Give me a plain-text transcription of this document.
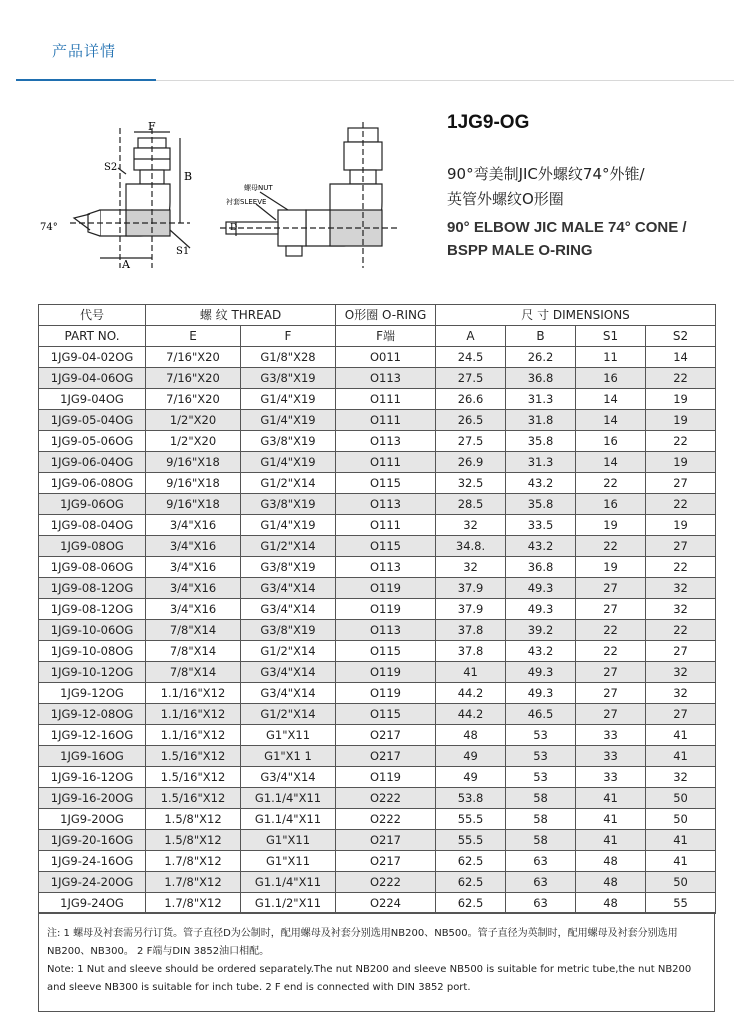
产品详情
F
B
S2
S1
A
74°
螺母NUT
衬套SLEEVE
D
1JG9-OG
90°弯美制JIC外螺纹74°外锥/
英管外螺纹O形圈
90° ELBOW JIC MALE 74° CONE /
BSPP MALE O-RING
代号	螺 纹 THREAD		O形圈 O-RING	尺 寸 DIMENSIONS			
PART NO.	E	F	F端	A	B	S1	S2
1JG9-04-02OG	7/16"X20	G1/8"X28	O011	24.5	26.2	11	14
1JG9-04-06OG	7/16"X20	G3/8"X19	O113	27.5	36.8	16	22
1JG9-04OG	7/16"X20	G1/4"X19	O111	26.6	31.3	14	19
1JG9-05-04OG	1/2"X20	G1/4"X19	O111	26.5	31.8	14	19
1JG9-05-06OG	1/2"X20	G3/8"X19	O113	27.5	35.8	16	22
1JG9-06-04OG	9/16"X18	G1/4"X19	O111	26.9	31.3	14	19
1JG9-06-08OG	9/16"X18	G1/2"X14	O115	32.5	43.2	22	27
1JG9-06OG	9/16"X18	G3/8"X19	O113	28.5	35.8	16	22
1JG9-08-04OG	3/4"X16	G1/4"X19	O111	32	33.5	19	19
1JG9-08OG	3/4"X16	G1/2"X14	O115	34.8.	43.2	22	27
1JG9-08-06OG	3/4"X16	G3/8"X19	O113	32	36.8	19	22
1JG9-08-12OG	3/4"X16	G3/4"X14	O119	37.9	49.3	27	32
1JG9-08-12OG	3/4"X16	G3/4"X14	O119	37.9	49.3	27	32
1JG9-10-06OG	7/8"X14	G3/8"X19	O113	37.8	39.2	22	22
1JG9-10-08OG	7/8"X14	G1/2"X14	O115	37.8	43.2	22	27
1JG9-10-12OG	7/8"X14	G3/4"X14	O119	41	49.3	27	32
1JG9-12OG	1.1/16"X12	G3/4"X14	O119	44.2	49.3	27	32
1JG9-12-08OG	1.1/16"X12	G1/2"X14	O115	44.2	46.5	27	27
1JG9-12-16OG	1.1/16"X12	G1"X11	O217	48	53	33	41
1JG9-16OG	1.5/16"X12	G1"X1 1	O217	49	53	33	41
1JG9-16-12OG	1.5/16"X12	G3/4"X14	O119	49	53	33	32
1JG9-16-20OG	1.5/16"X12	G1.1/4"X11	O222	53.8	58	41	50
1JG9-20OG	1.5/8"X12	G1.1/4"X11	O222	55.5	58	41	50
1JG9-20-16OG	1.5/8"X12	G1"X11	O217	55.5	58	41	41
1JG9-24-16OG	1.7/8"X12	G1"X11	O217	62.5	63	48	41
1JG9-24-20OG	1.7/8"X12	G1.1/4"X11	O222	62.5	63	48	50
1JG9-24OG	1.7/8"X12	G1.1/2"X11	O224	62.5	63	48	55
注: 1 螺母及衬套需另行订货。管子直径D为公制时，配用螺母及衬套分别选用NB200、NB500。管子直径为英制时，配用螺母及衬套分别选用
NB200、NB300。 2 F端与DIN 3852油口相配。
Note: 1 Nut and sleeve should be ordered separately.The nut NB200 and sleeve NB500 is suitable for metric tube,the nut NB200
and sleeve NB300 is suitable for inch tube. 2 F end is connected with DIN 3852 port.
